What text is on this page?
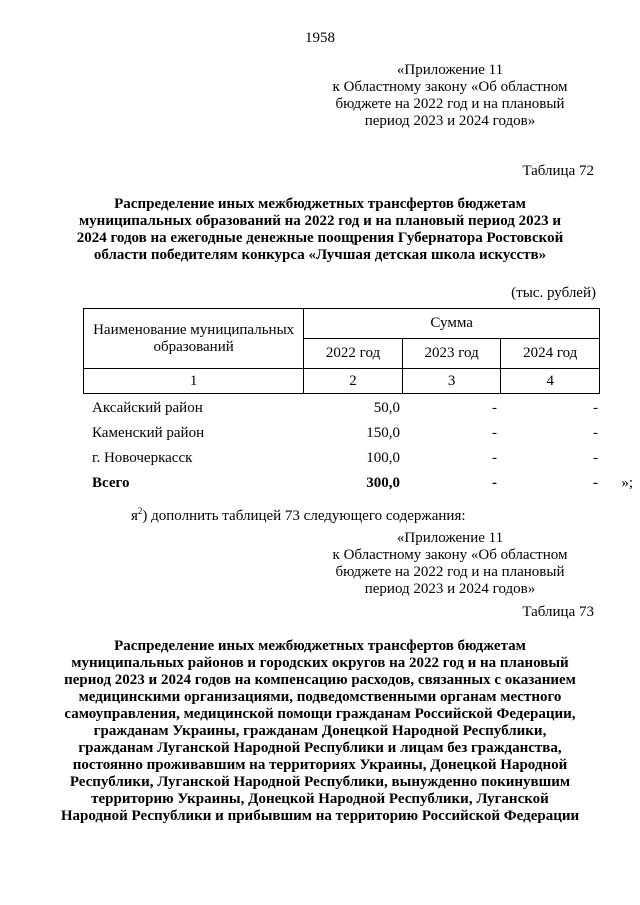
1958
«Приложение 11
к Областному закону «Об областном
бюджете на 2022 год и на плановый
период 2023 и 2024 годов»
Таблица 72
Распределение иных межбюджетных трансфертов бюджетам
муниципальных образований на 2022 год и на плановый период 2023 и
2024 годов на ежегодные денежные поощрения Губернатора Ростовской
области победителям конкурса «Лучшая детская школа искусств»
(тыс. рублей)
Наименование муниципальных образований	Сумма		
	2022 год	2023 год	2024 год
1	2	3	4
Аксайский район	50,0	-	-
Каменский район	150,0	-	-
г. Новочеркасск	100,0	-	-
Всего	300,0	-	- »;
$я^2$) дополнить таблицей 73 следующего содержания:
«Приложение 11
к Областному закону «Об областном
бюджете на 2022 год и на плановый
период 2023 и 2024 годов»
Таблица 73
Распределение иных межбюджетных трансфертов бюджетам
муниципальных районов и городских округов на 2022 год и на плановый
период 2023 и 2024 годов на компенсацию расходов, связанных с оказанием
медицинскими организациями, подведомственными органам местного
самоуправления, медицинской помощи гражданам Российской Федерации,
гражданам Украины, гражданам Донецкой Народной Республики,
гражданам Луганской Народной Республики и лицам без гражданства,
постоянно проживавшим на территориях Украины, Донецкой Народной
Республики, Луганской Народной Республики, вынужденно покинувшим
территорию Украины, Донецкой Народной Республики, Луганской
Народной Республики и прибывшим на территорию Российской Федерации
